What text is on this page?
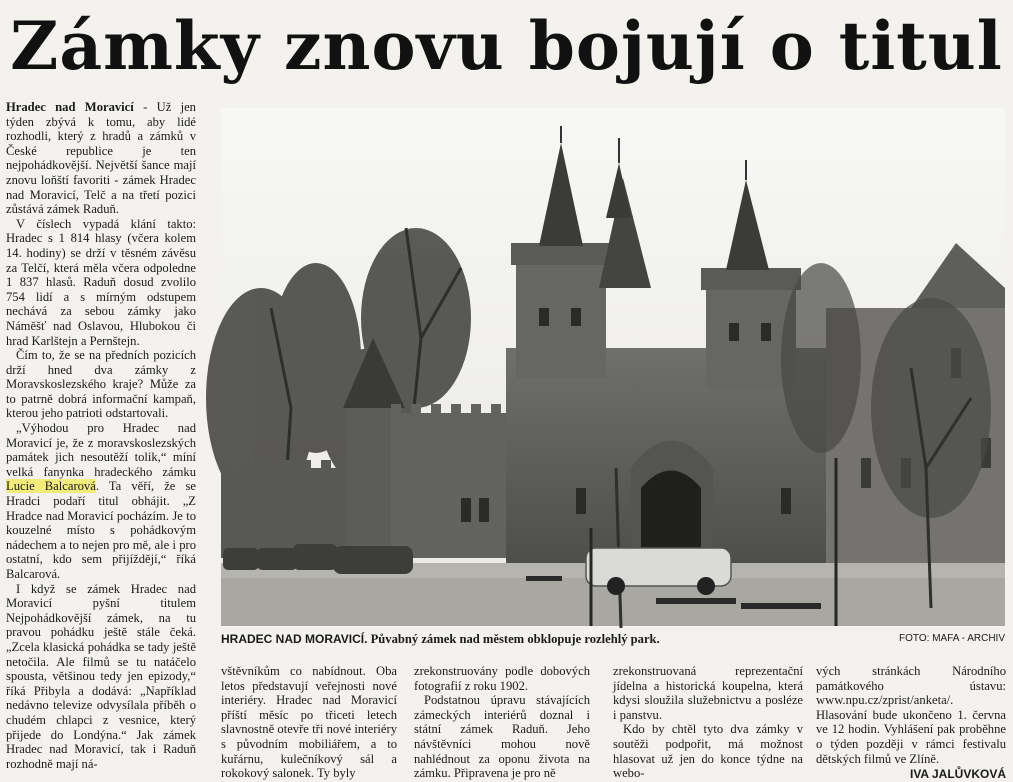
Zámky znovu bojují o titul

Hradec nad Moravicí - Už jen týden zbývá k tomu, aby lidé rozhodli, který z hradů a zámků v České republice je ten nejpohádkovější. Největší šance mají znovu loňští favoriti - zámek Hradec nad Moravicí, Telč a na třetí pozici zůstává zámek Raduň.

V číslech vypadá klání takto: Hradec s 1 814 hlasy (včera kolem 14. hodiny) se drží v těsném závěsu za Telčí, která měla včera odpoledne 1 837 hlasů. Raduň dosud zvolilo 754 lidí a s mírným odstupem nechává za sebou zámky jako Náměšť nad Oslavou, Hlubokou či hrad Karlštejn a Pernštejn.

Čím to, že se na předních pozicích drží hned dva zámky z Moravskoslezského kraje? Může za to patrně dobrá informační kampaň, kterou jeho patrioti odstartovali.

„Výhodou pro Hradec nad Moravicí je, že z moravskoslezských památek jich nesoutěží tolik,“ míní velká fanynka hradeckého zámku Lucie Balcarová. Ta věří, že se Hradci podaří titul obhájit. „Z Hradce nad Moravicí pocházím. Je to kouzelné místo s pohádkovým nádechem a to nejen pro mě, ale i pro ostatní, kdo sem přijíždějí,“ říká Balcarová.

I když se zámek Hradec nad Moravicí pyšní titulem Nejpohádkovější zámek, na tu pravou pohádku ještě stále čeká. „Zcela klasická pohádka se tady ještě netočila. Ale filmů se tu natáčelo spousta, většinou tedy jen epizody,“ říká Přibyla a dodává: „Například nedávno televize odvysílala příběh o chudém chlapci z vesnice, který přijede do Londýna.“ Jak zámek Hradec nad Moravicí, tak i Raduň rozhodně mají ná-

HRADEC NAD MORAVICÍ. Půvabný zámek nad městem obklopuje rozlehlý park.	FOTO: MAFA - ARCHIV

vštěvníkům co nabídnout. Oba letos představují veřejnosti nové interiéry. Hradec nad Moravicí příští měsíc po třiceti letech slavnostně otevře tři nové interiéry s původním mobiliářem, a to kuřárnu, kulečníkový sál a rokokový salonek. Ty byly

zrekonstruovány podle dobových fotografií z roku 1902.

Podstatnou úpravu stávajících zámeckých interiérů doznal i státní zámek Raduň. Jeho návštěvníci mohou nově nahlédnout za oponu života na zámku. Připravena je pro ně

zrekonstruovaná reprezentační jídelna a historická koupelna, která kdysi sloužila služebnictvu a posléze i panstvu.

Kdo by chtěl tyto dva zámky v soutěži podpořit, má možnost hlasovat už jen do konce týdne na webo-

vých stránkách Národního památkového ústavu: www.npu.cz/zprist/anketa/. Hlasování bude ukončeno 1. června ve 12 hodin. Vyhlášení pak proběhne o týden později v rámci festivalu dětských filmů ve Zlíně.

IVA JALŮVKOVÁ
